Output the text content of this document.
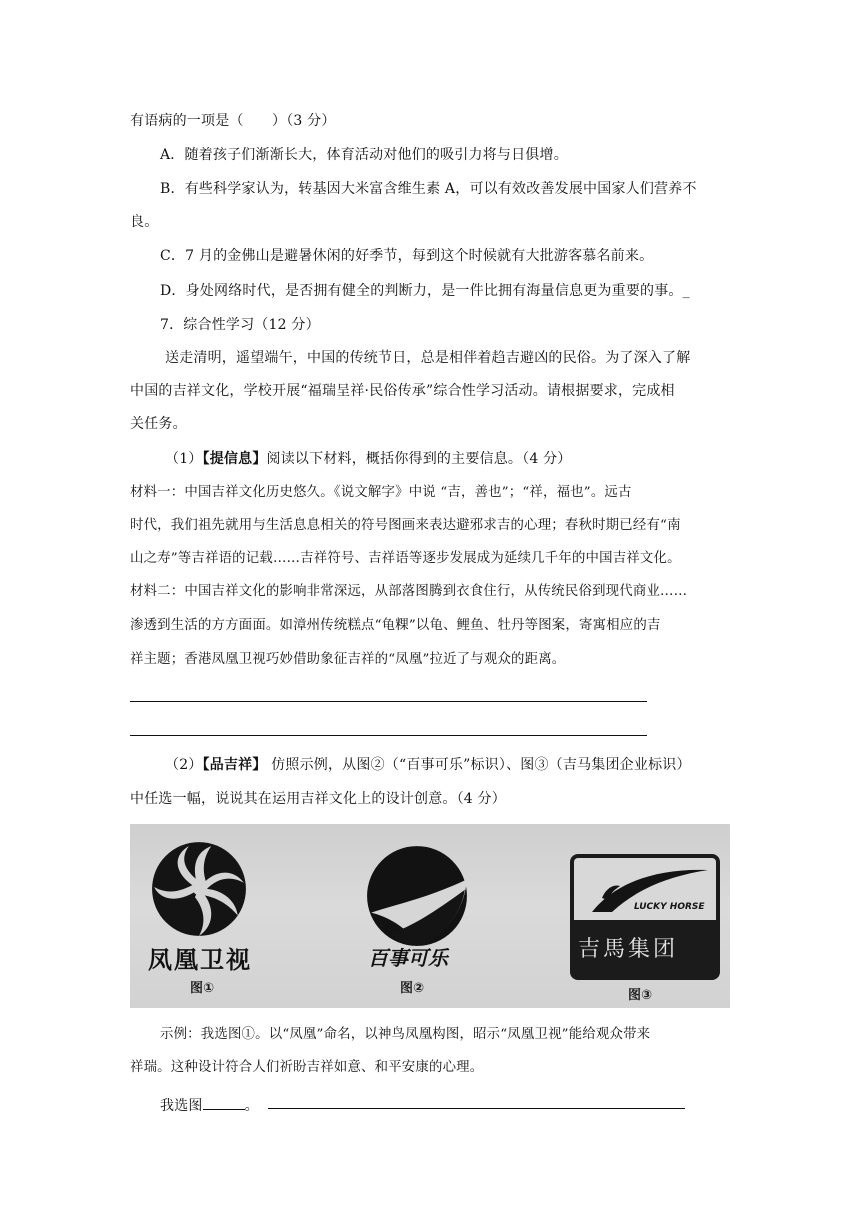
有语病的一项是（　　）（3 分）
A．随着孩子们渐渐长大，体育活动对他们的吸引力将与日俱增。
B．有些科学家认为，转基因大米富含维生素 A，可以有效改善发展中国家人们营养不
良。
C．7 月的金佛山是避暑休闲的好季节，每到这个时候就有大批游客慕名前来。
D．身处网络时代，是否拥有健全的判断力，是一件比拥有海量信息更为重要的事。_
7．综合性学习（12 分）
送走清明，遥望端午，中国的传统节日，总是相伴着趋吉避凶的民俗。为了深入了解
中国的吉祥文化，学校开展“福瑞呈祥·民俗传承”综合性学习活动。请根据要求，完成相
关任务。
（1）【提信息】阅读以下材料，概括你得到的主要信息。（4 分）
材料一：中国吉祥文化历史悠久。《说文解字》中说 “吉，善也”；“祥，福也”。远古
时代，我们祖先就用与生活息息相关的符号图画来表达避邪求吉的心理；春秋时期已经有“南
山之寿”等吉祥语的记载……吉祥符号、吉祥语等逐步发展成为延续几千年的中国吉祥文化。
材料二：中国吉祥文化的影响非常深远，从部落图腾到衣食住行，从传统民俗到现代商业……
渗透到生活的方方面面。如漳州传统糕点“龟粿”以龟、鲤鱼、牡丹等图案，寄寓相应的吉
祥主题；香港凤凰卫视巧妙借助象征吉祥的“凤凰”拉近了与观众的距离。
（2）【品吉祥】 仿照示例，从图②（“百事可乐”标识）、图③（吉马集团企业标识）
中任选一幅，说说其在运用吉祥文化上的设计创意。（4 分）
凤凰卫视
图①
百事可乐
图②
LUCKY HORSE
吉馬集团
图③
示例：我选图①。以“凤凰”命名，以神鸟凤凰构图，昭示“凤凰卫视”能给观众带来
祥瑞。这种设计符合人们祈盼吉祥如意、和平安康的心理。
我选图	。
